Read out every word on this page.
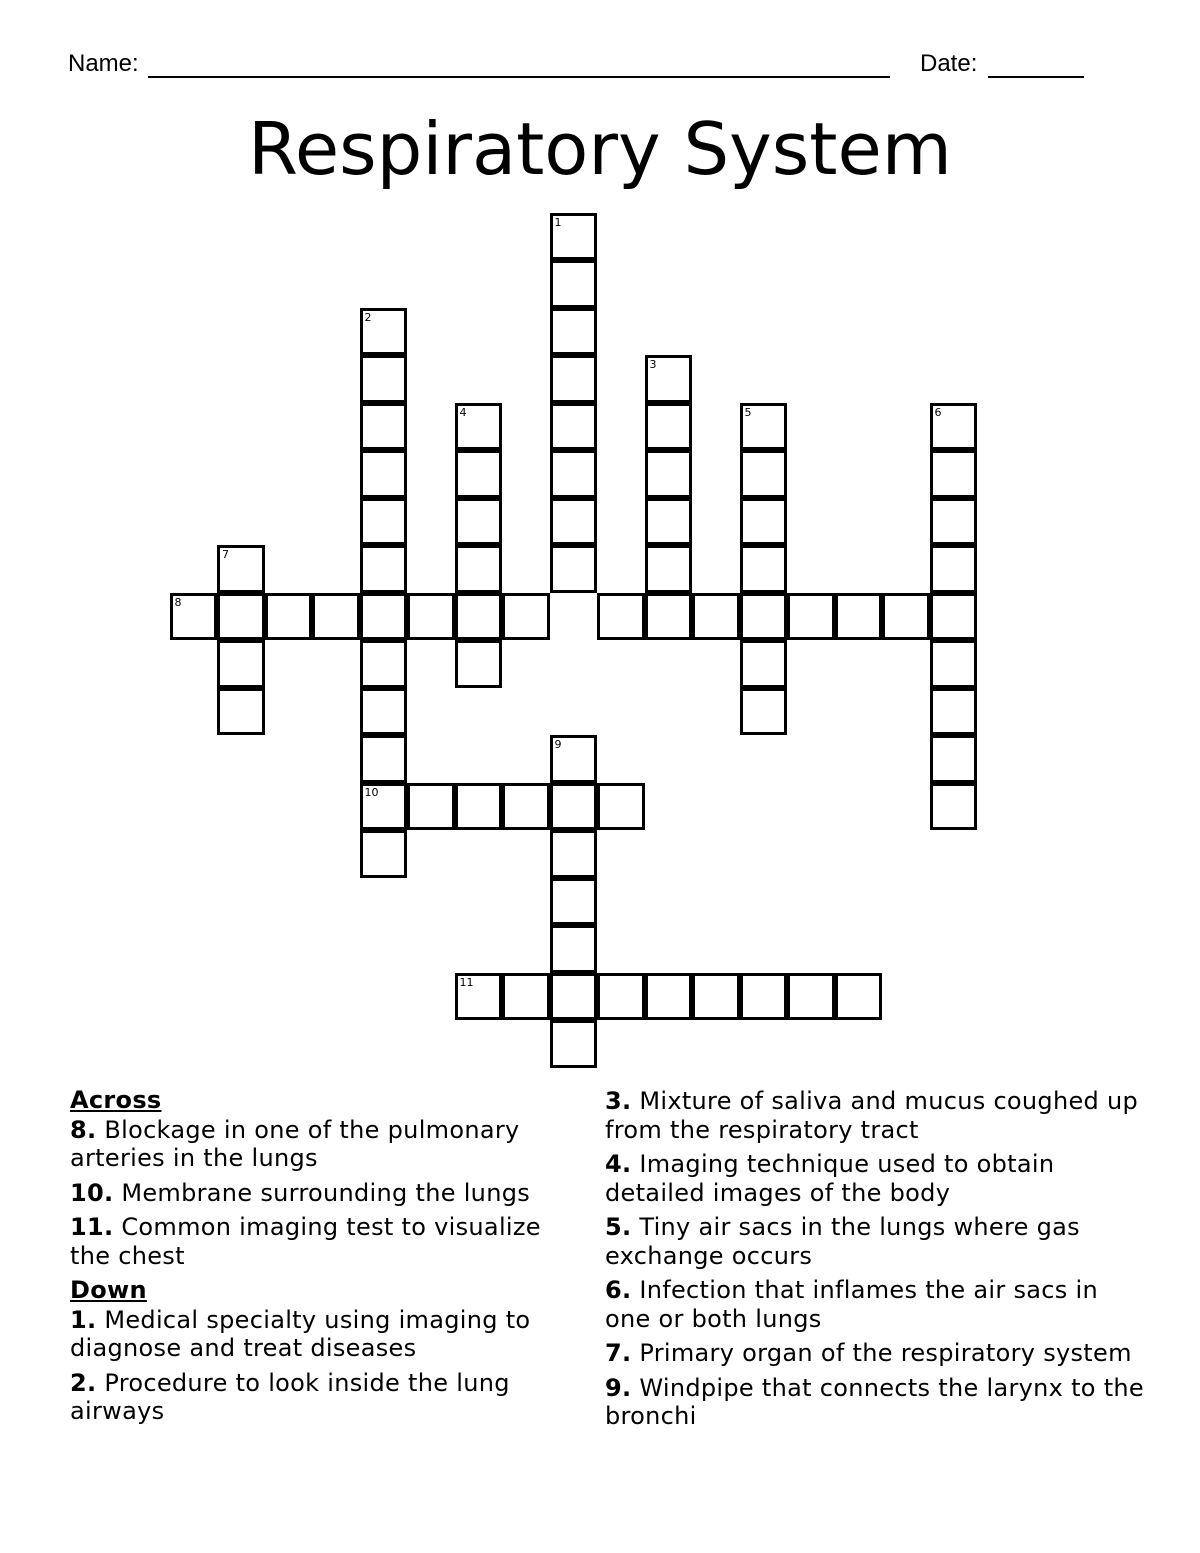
Name:	Date:
Respiratory System
1
2
3
4	5	6
7
8
9
10
11
Across
8. Blockage in one of the pulmonary arteries in the lungs
10. Membrane surrounding the lungs
11. Common imaging test to visualize the chest
Down
1. Medical specialty using imaging to diagnose and treat diseases
2. Procedure to look inside the lung airways
3. Mixture of saliva and mucus coughed up from the respiratory tract
4. Imaging technique used to obtain detailed images of the body
5. Tiny air sacs in the lungs where gas exchange occurs
6. Infection that inflames the air sacs in one or both lungs
7. Primary organ of the respiratory system
9. Windpipe that connects the larynx to the bronchi
